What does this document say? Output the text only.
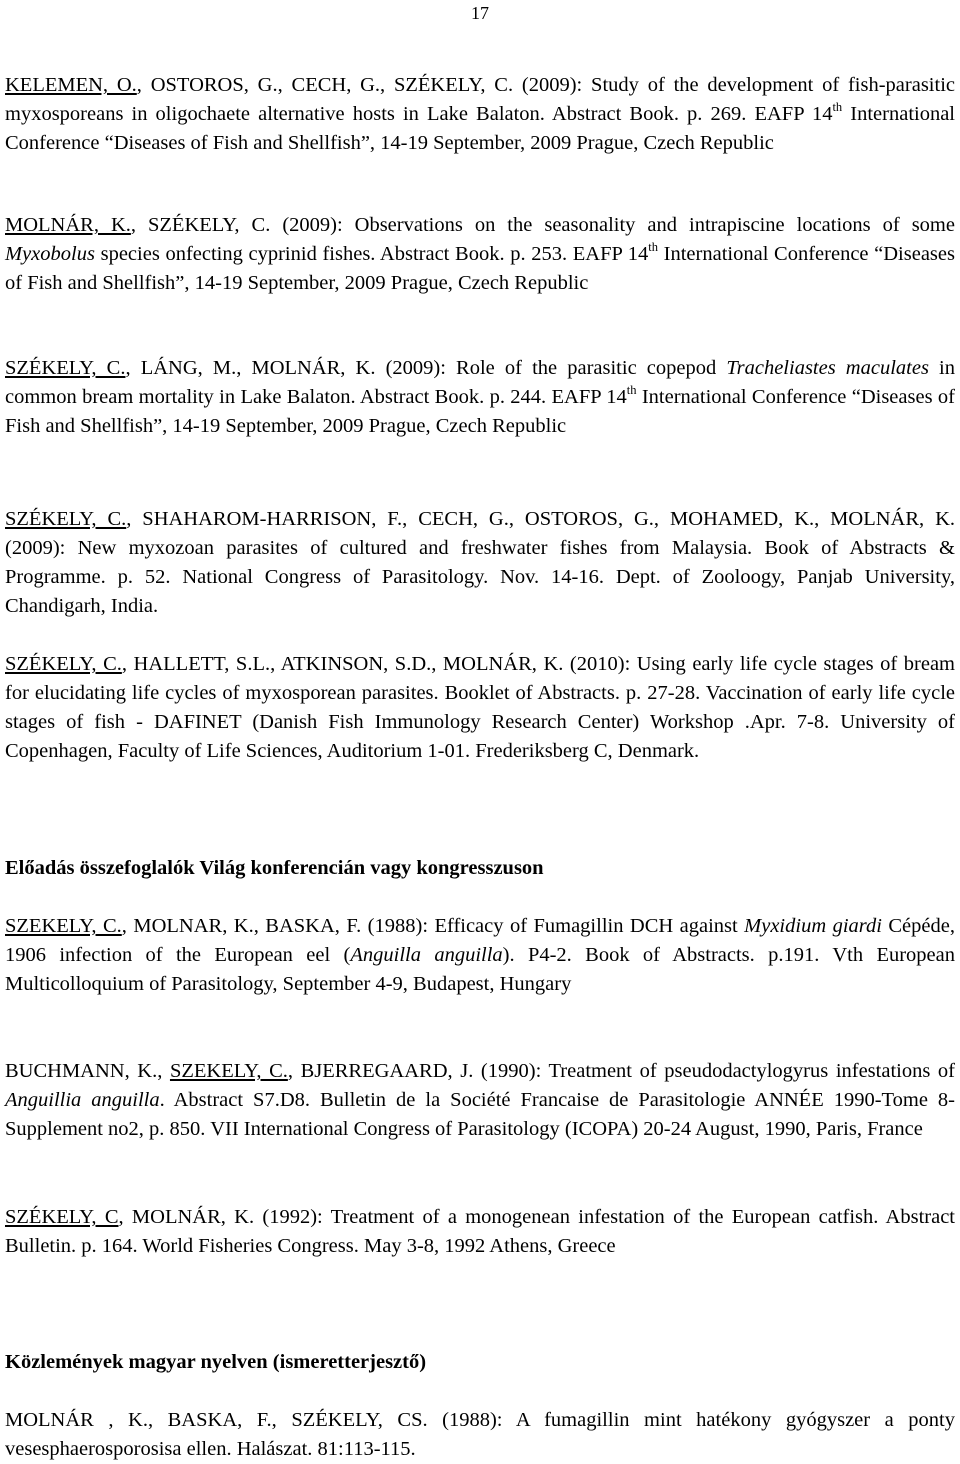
17

KELEMEN, O., OSTOROS, G., CECH, G., SZÉKELY, C. (2009): Study of the development of fish-parasitic myxosporeans in oligochaete alternative hosts in Lake Balaton. Abstract Book. p. 269. EAFP 14th International Conference “Diseases of Fish and Shellfish”, 14-19 September, 2009 Prague, Czech Republic

MOLNÁR, K., SZÉKELY, C. (2009): Observations on the seasonality and intrapiscine locations of some Myxobolus species onfecting cyprinid fishes. Abstract Book. p. 253. EAFP 14th International Conference “Diseases of Fish and Shellfish”, 14-19 September, 2009 Prague, Czech Republic

SZÉKELY, C., LÁNG, M., MOLNÁR, K. (2009): Role of the parasitic copepod Tracheliastes maculates in common bream mortality in Lake Balaton. Abstract Book. p. 244. EAFP 14th International Conference “Diseases of Fish and Shellfish”, 14-19 September, 2009 Prague, Czech Republic

SZÉKELY, C., SHAHAROM-HARRISON, F., CECH, G., OSTOROS, G., MOHAMED, K., MOLNÁR, K. (2009): New myxozoan parasites of cultured and freshwater fishes from Malaysia. Book of Abstracts & Programme. p. 52. National Congress of Parasitology. Nov. 14-16. Dept. of Zooloogy, Panjab University, Chandigarh, India.

SZÉKELY, C., HALLETT, S.L., ATKINSON, S.D., MOLNÁR, K. (2010): Using early life cycle stages of bream for elucidating life cycles of myxosporean parasites. Booklet of Abstracts. p. 27-28. Vaccination of early life cycle stages of fish - DAFINET (Danish Fish Immunology Research Center) Workshop .Apr. 7-8. University of Copenhagen, Faculty of Life Sciences, Auditorium 1-01. Frederiksberg C, Denmark.

Előadás összefoglalók Világ konferencián vagy kongresszuson

SZEKELY, C., MOLNAR, K., BASKA, F. (1988): Efficacy of Fumagillin DCH against Myxidium giardi Cépéde, 1906 infection of the European eel (Anguilla anguilla). P4-2. Book of Abstracts. p.191. Vth European Multicolloquium of Parasitology, September 4-9, Budapest, Hungary

BUCHMANN, K., SZEKELY, C., BJERREGAARD, J. (1990): Treatment of pseudodactylogyrus infestations of Anguillia anguilla. Abstract S7.D8. Bulletin de la Société Francaise de Parasitologie ANNÉE 1990-Tome 8-Supplement no2, p. 850. VII International Congress of Parasitology (ICOPA) 20-24 August, 1990, Paris, France

SZÉKELY, C, MOLNÁR, K. (1992): Treatment of a monogenean infestation of the European catfish. Abstract Bulletin. p. 164. World Fisheries Congress. May 3-8, 1992 Athens, Greece

Közlemények magyar nyelven (ismeretterjesztő)

MOLNÁR , K., BASKA, F., SZÉKELY, CS. (1988): A fumagillin mint hatékony gyógyszer a ponty vesesphaerosporosisa ellen. Halászat. 81:113-115.
